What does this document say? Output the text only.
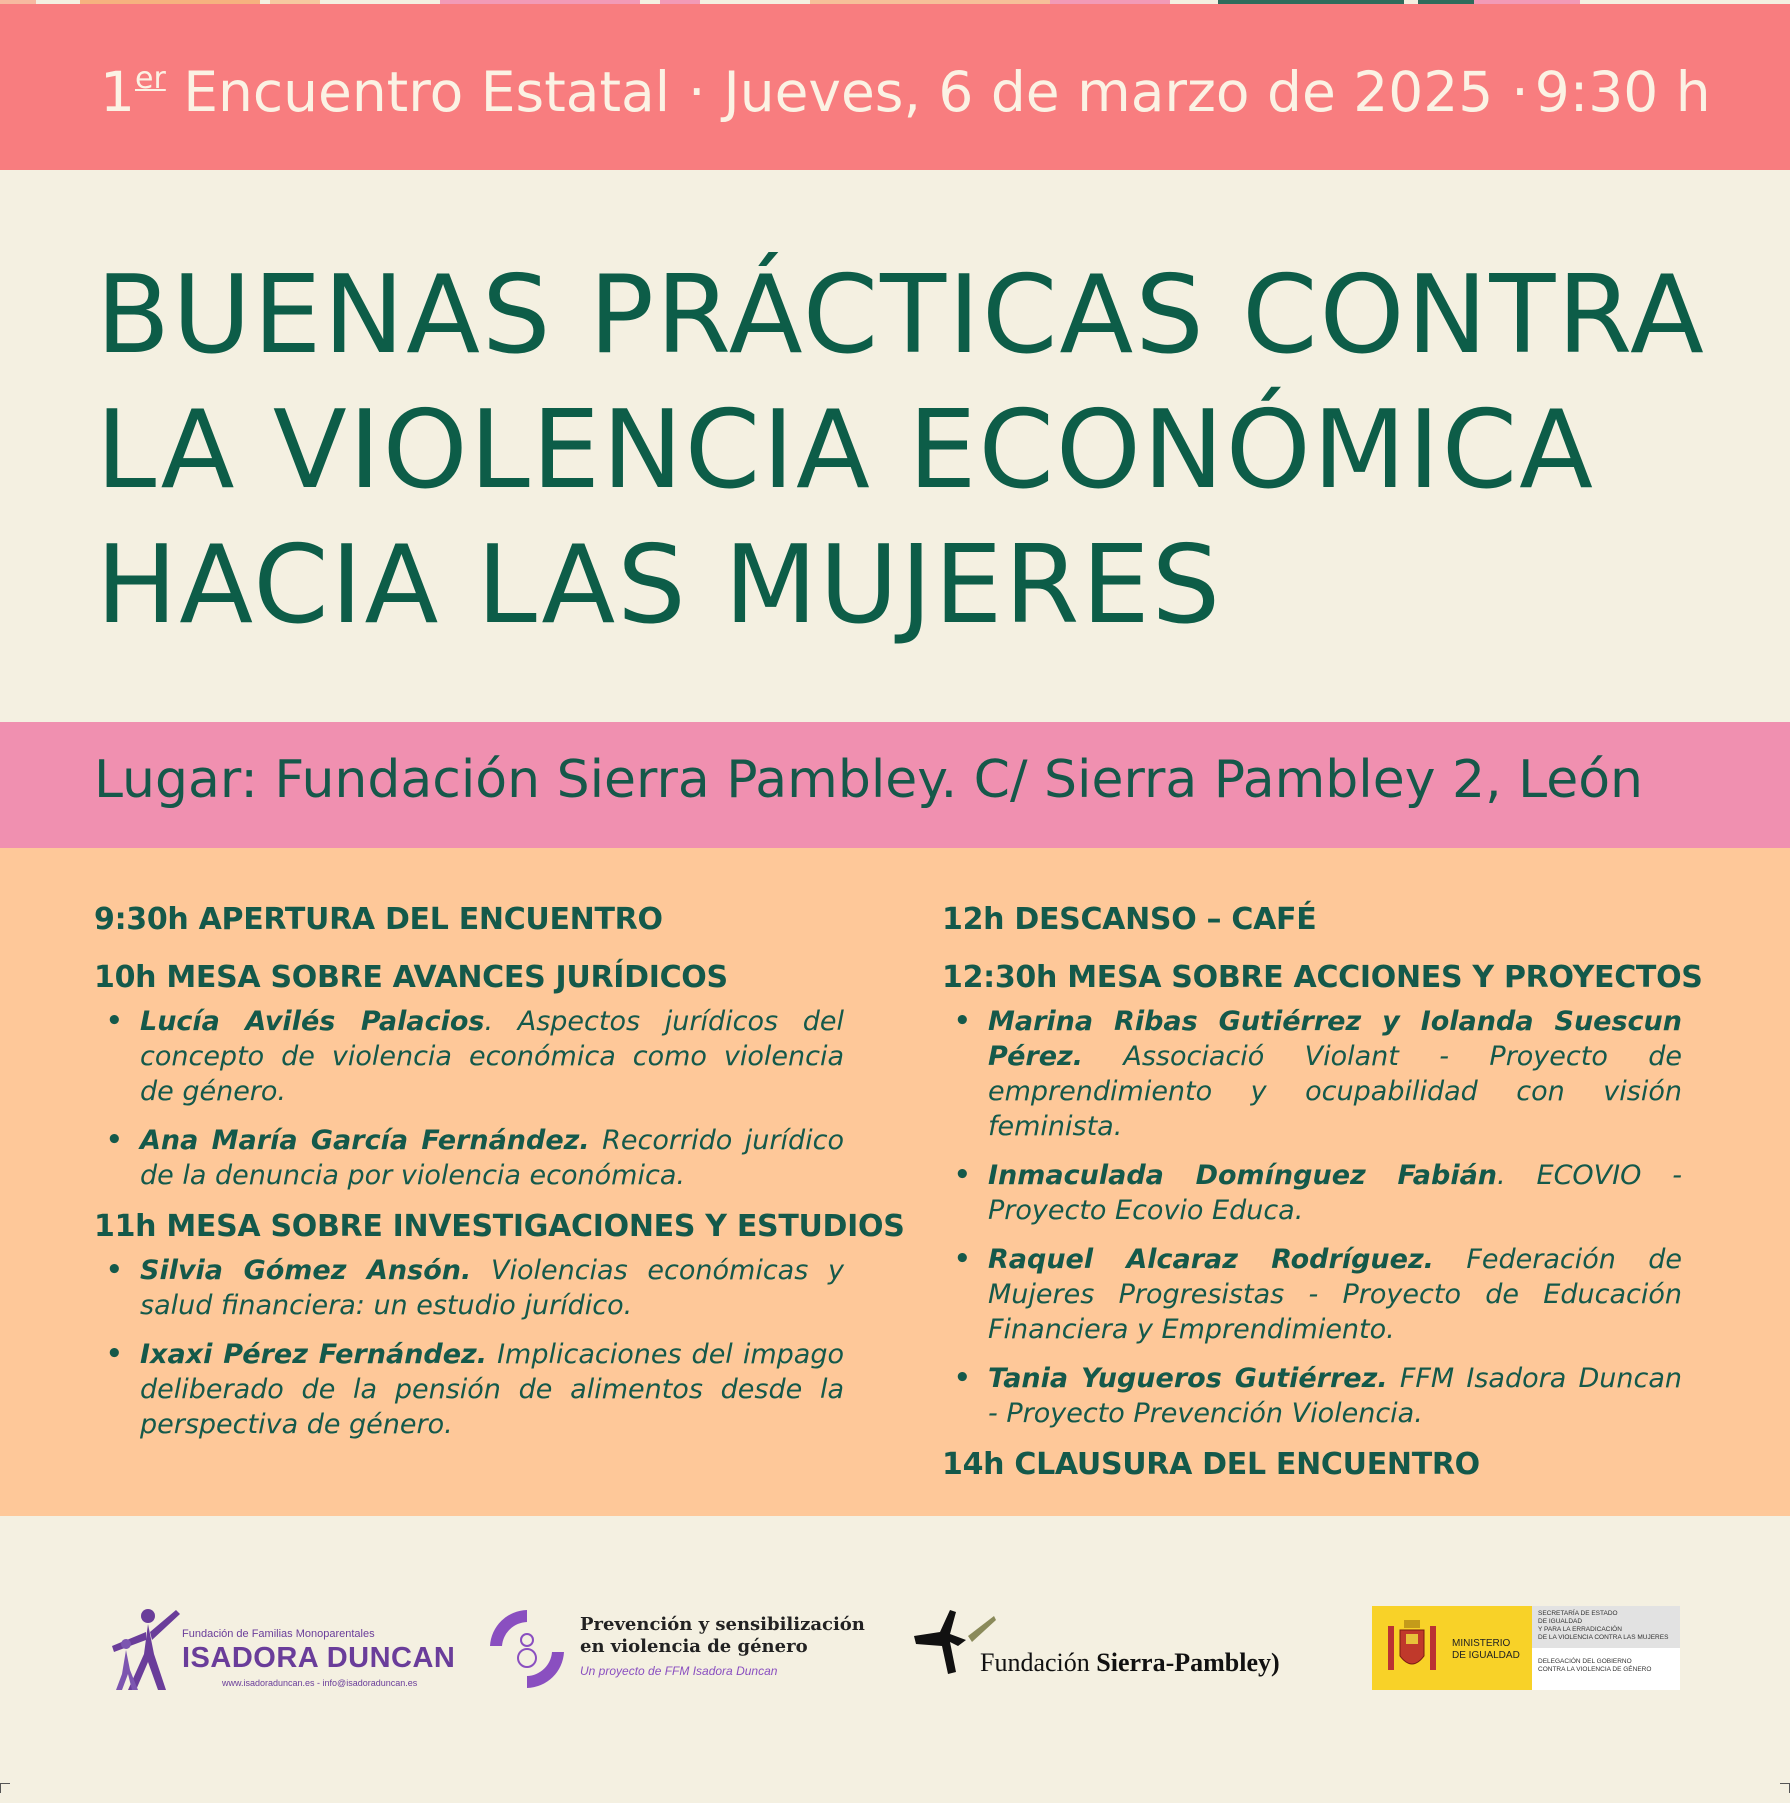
1er Encuentro Estatal · Jueves, 6 de marzo de 2025 · 9:30 h
BUENAS PRÁCTICAS CONTRA
LA VIOLENCIA ECONÓMICA
HACIA LAS MUJERES
Lugar: Fundación Sierra Pambley. C/ Sierra Pambley 2, León
9:30h APERTURA DEL ENCUENTRO
10h MESA SOBRE AVANCES JURÍDICOS
• Lucía Avilés Palacios. Aspectos jurídicos del concepto de violencia económica como violencia de género.
• Ana María García Fernández. Recorrido jurídico de la denuncia por violencia económica.
11h MESA SOBRE INVESTIGACIONES Y ESTUDIOS
• Silvia Gómez Ansón. Violencias económicas y salud financiera: un estudio jurídico.
• Ixaxi Pérez Fernández. Implicaciones del impago deliberado de la pensión de alimentos desde la perspectiva de género.
12h DESCANSO – CAFÉ
12:30h MESA SOBRE ACCIONES Y PROYECTOS
• Marina Ribas Gutiérrez y Iolanda Suescun Pérez. Associació Violant - Proyecto de emprendimiento y ocupabilidad con visión feminista.
• Inmaculada Domínguez Fabián. ECOVIO - Proyecto Ecovio Educa.
• Raquel Alcaraz Rodríguez. Federación de Mujeres Progresistas - Proyecto de Educación Financiera y Emprendimiento.
• Tania Yugueros Gutiérrez. FFM Isadora Duncan - Proyecto Prevención Violencia.
14h CLAUSURA DEL ENCUENTRO
Fundación de Familias Monoparentales
ISADORA DUNCAN
www.isadoraduncan.es - info@isadoraduncan.es
Prevención y sensibilización
en violencia de género
Un proyecto de FFM Isadora Duncan	Fundación Sierra-Pambley)
MINISTERIO
DE IGUALDAD
SECRETARÍA DE ESTADO
DE IGUALDAD
Y PARA LA ERRADICACIÓN
DE LA VIOLENCIA CONTRA LAS MUJERES
DELEGACIÓN DEL GOBIERNO
CONTRA LA VIOLENCIA DE GÉNERO
